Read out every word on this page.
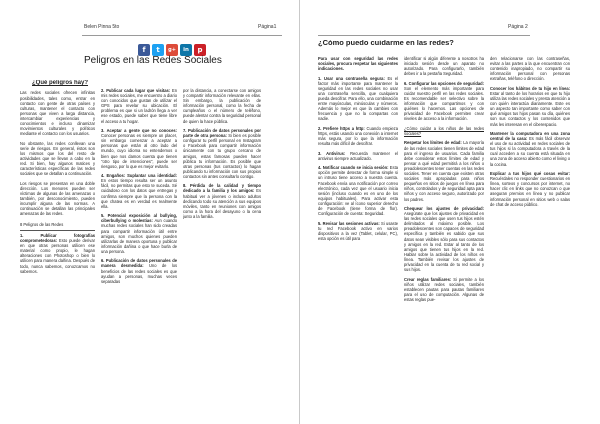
Belen Pinna 5to	Página1
f	t	g+	in	p
Peligros en las Redes Sociales

¿Qué peligros hay?

Las redes sociales ofrecen infinitas posibilidades, tales como, entrar en contacto con gente de otras países y culturas, mantener el contacto con personas que viven a larga distancia, intercambiar experiencias y conocimientos e incluso dinamizar movimientos culturales y políticos mediante el contacto con los usuarios.

No obstante, las redes conllevan una serie de riesgos. En general, éstos son los mismos que los del resto de actividades que se llevan a cabo en la red. Si bien, hay algunos matices y características específicas de las redes sociales que se detallan a continuación.

Los riesgos se presentan en una doble dirección. Los menores pueden ser víctimas de algunas de las amenazas o también, por desconocimiento, pueden incumplir alguna de las normas. A continuación se detallan las principales amenazas de las redes.

8 Peligros de las Redes

1. Publicar fotografías comprometedoras: Esto puede derivar en que otras personas utilicen ese material como propio, le hagan alteraciones con Photoshop o bien lo utilicen para manera dañina. Después de todo, nunca sabemos, conozcamos no sabemos.

2. Publicar cada lugar que visitas: En mis redes sociales, me encuentro a diario con conocidos que gustan de utilizar el GPS para revelar su ubicación. El problema es que si un ladrón llega a ver ese estado, puede saber que tiene libre el acceso a tu hogar.

3. Aceptar a gente que no conoces: Conocer personas es siempre un placer, sin embargo comenzar a aceptar a personas que están al otro lado del mundo, cuyo idioma no entendemos o bien que nos damos cuenta que tienen "otro tipo de intenciones", puede ser riesgoso, por lo que es mejor evitarlo.

4. Engaños: Suplantar una identidad: En estos tiempo resulta ser un asunto fácil, no permitas que esto te suceda. Sé cuidadoso con los datos que entregas y confirma siempre que la persona con la que chatea es en verdad es realmente ella.

5. Potencial exposición al bullying, ciberbullying o molestias: Aun cuando muchas redes sociales han sido creadas para compartir información útil entre amigos, son muchos quienes pueden utilizarlas de manera oportuna y publicar información dañina o que hace burla de una persona.

6. Publicación de datos personales de manera desmedida: Uno de los beneficios de las redes sociales es que ayudan a personas, muchas veces separadas

por la distancia, a conectarse con amigos y compartir información relevante en ellas. Sin embargo, la publicación de información personal, como la fecha de cumpleaños o el número de teléfono, puede alentar contra la seguridad personal de quien la hace pública.

7. Publicación de datos personales por parte de otra persona: Si bien es posible configurar tu perfil personal en Instagram o Facebook para compartir información únicamente con tu grupo cercano de amigos, estas famosas pueden hacer pública tu información. Es posible que otras personas (tus contactos) lo hagan publicando tu información con sus propios contactos sin antes consultarlo contigo.

8. Pérdida de la calidad y tiempo dedicado a la familia y los amigos: Es habitual ver a jóvenes o incluso adultos dedicando todo su atención a sus equipos móviles, tanto en reuniones con amigos como a la hora del desayuno o la cena junto a la familia.

Página 2
¿Cómo puedo cuidarme en las redes?

Para usar con seguridad las redes sociales, procura respetar las siguientes indicaciones.

1. Usar una contraseña segura: Es el factor más importante para mantener la seguridad en las redes sociales no usar una contraseña sencilla, que cualquiera pueda descifrar. Para ello, una combinación entre mayúsculas, minúsculas y números. Además lo mejor es que la cambies con frecuencia y que no la compartas con nadie.

2. Prefiere https a http: Cuando empieza https, estás usando una conexión a internet más segura, por lo que la información resulta más difícil de descifrar.

3. Antivirus: Recuerda mantener el antivirus siempre actualizado.

4. Notificar cuando se inicia sesión: Esta opción permite detectar de forma simple si un intruso tiene acceso a nuestra cuenta. Facebook envía una notificación por correo electrónico, cada vez que el usuario inicia sesión (incluso cuando es en uno de los equipos habituales). Para activar esta configuración: ve al ícono superior derecho de Facebook (tiene forma de flor). Configuración de cuenta: Seguridad.

5. Revisar las sesiones activas: Si usaste tu red Facebook activo en varios dispositivos a la vez (Tablet, celular, PC), esta opción es útil para

identificar si algún diferente a nosotros ha iniciado sesión desde un aparato no autorizado. Para configurarlo, también debes ir a la pestaña Seguridad.

6. Configurar las opciones de seguridad: Son el elemento más importante para cuidar nuestro perfil en las redes sociales. Es recomendable ser selectivo sobre la información que compartimos y con quiénes lo hacemos. Las opciones de privacidad de Facebook permiten crear niveles de acceso a la información.

¿Cómo cuidar a los niños de las redes sociales?

Respetar los límites de edad: La mayoría de las redes sociales tienen límites de edad para el ingreso de usuarios. Cada familia debe considerar estos límites de edad y pensar a qué edad permitirá a los niños o preadolescentes tener cuentas en las redes sociales. Tener en cuenta que existen otras sociales más apropiadas para niños pequeños en sitios de juegos en línea para niños, controlados y de seguridad apta para niños y con acceso seguro, autorizado por los padres.

Chequear los ajustes de privacidad: Asegúrate que los ajustes de privacidad en las redes sociales que usen tus hijos estén delimitados al máximo posible. Los preadolescentes son capaces de seguridad específica y también es sabido que sus datos sean visibles sólo para sus contactos y amigos en la red. Estar al tanto de los amigos que tienen tus hijos en la red. Hablar sobre la actividad de los niños en línea. También revisar los ajustes de privacidad en la cuenta de tu red social y sus hijos.

Crear reglas familiares: Si permite a los niños utilizar redes sociales, también establecen pautas para pautas familiares para el uso de computación. Algunas de estas reglas pue-

den relacionarse con las contraseñas, evitar a las partes a la que encuentran con contenido inapropiado, no compartir su información personal con personas extrañas, teléfono o dirección.

Conocer los hábitos de tu hijo en línea: Estar al tanto de los horarios en que tu hijo utiliza las redes sociales y presta atención a con quién interactúa diariamente. Este es un aspecto tan importante como saber con qué amigos tus hijos pasan su día, quiénes son sus contactos y los contenidos que más les interesan en el ciberespacio.

Mantener la computadora en una zona central de la casa: Es más fácil observar el uso de su actividad en redes sociales de tus hijos si la computadora a través de la cual acceden a su cuenta está situada en una zona de acceso abierto como el living o la cocina.

Explicar a tus hijos qué cosas evitar: Recuérdales no responder cuestionarios en línea, sorteos y concursos por internet, no hacer clic en links que no conozcan o que aseguran premios en línea y no publicar información personal en sitios web o salas de chat de acceso público.
